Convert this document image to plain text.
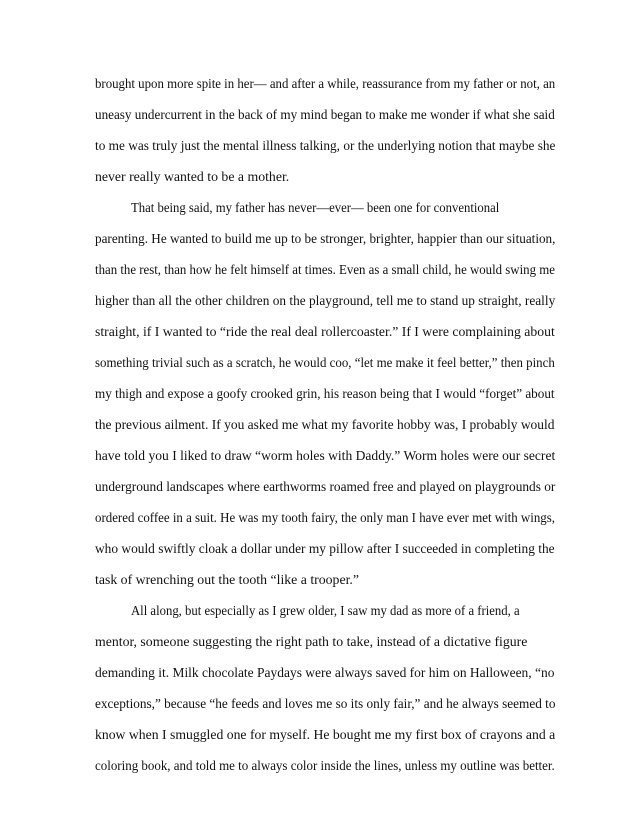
brought upon more spite in her— and after a while, reassurance from my father or not, an

uneasy undercurrent in the back of my mind began to make me wonder if what she said

to me was truly just the mental illness talking, or the underlying notion that maybe she

never really wanted to be a mother.

That being said, my father has never—ever— been one for conventional

parenting. He wanted to build me up to be stronger, brighter, happier than our situation,

than the rest, than how he felt himself at times. Even as a small child, he would swing me

higher than all the other children on the playground, tell me to stand up straight, really

straight, if I wanted to “ride the real deal rollercoaster.” If I were complaining about

something trivial such as a scratch, he would coo, “let me make it feel better,” then pinch

my thigh and expose a goofy crooked grin, his reason being that I would “forget” about

the previous ailment. If you asked me what my favorite hobby was, I probably would

have told you I liked to draw “worm holes with Daddy.” Worm holes were our secret

underground landscapes where earthworms roamed free and played on playgrounds or

ordered coffee in a suit. He was my tooth fairy, the only man I have ever met with wings,

who would swiftly cloak a dollar under my pillow after I succeeded in completing the

task of wrenching out the tooth “like a trooper.”

All along, but especially as I grew older, I saw my dad as more of a friend, a

mentor, someone suggesting the right path to take, instead of a dictative figure

demanding it. Milk chocolate Paydays were always saved for him on Halloween, “no

exceptions,” because “he feeds and loves me so its only fair,” and he always seemed to

know when I smuggled one for myself. He bought me my first box of crayons and a

coloring book, and told me to always color inside the lines, unless my outline was better.
